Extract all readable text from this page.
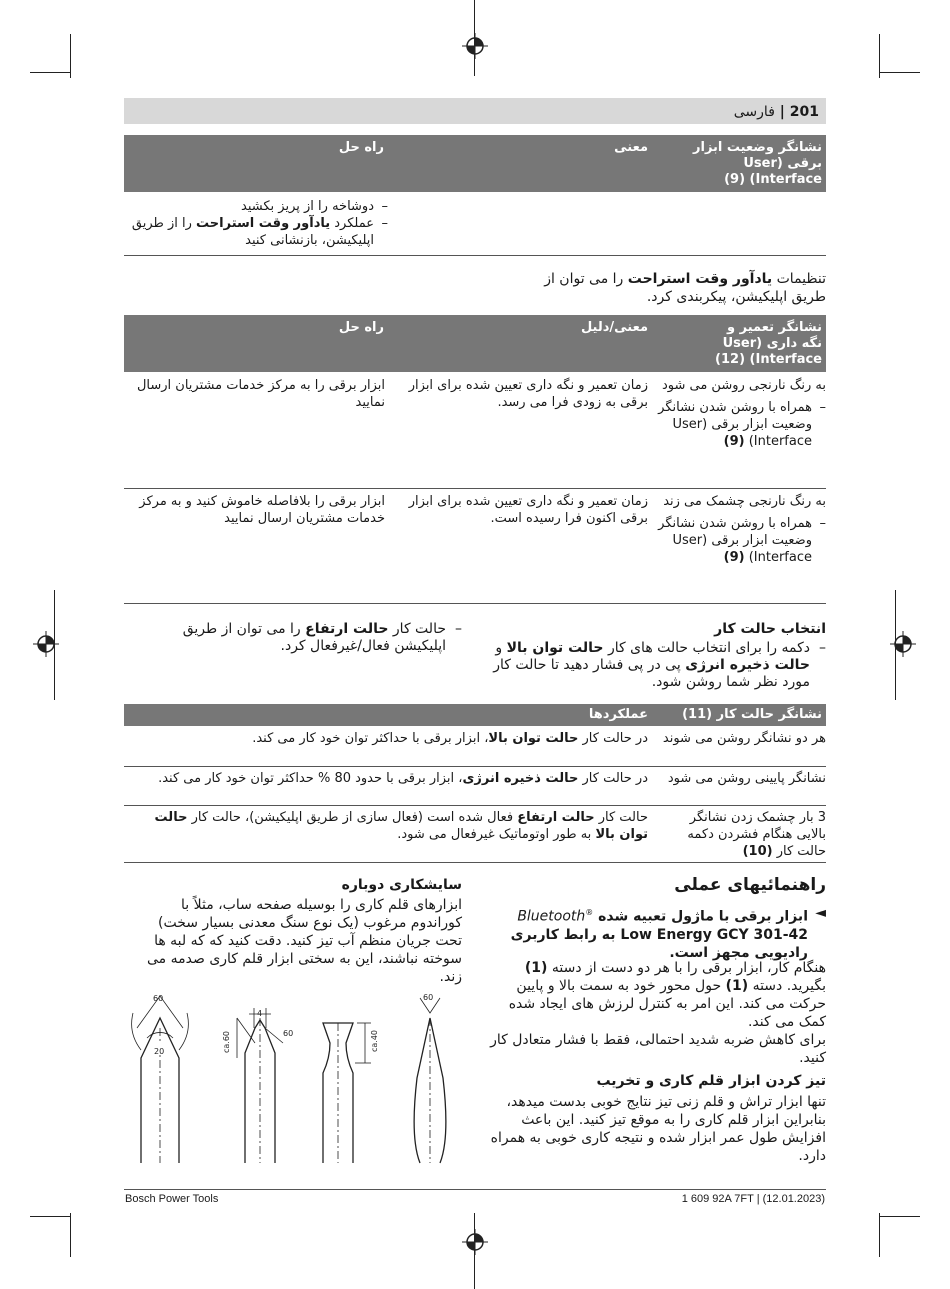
201 | فارسی
نشانگر وضعیت ابزار برقی (User Interface) (9)
معنی
راه حل
–
دوشاخه را از پریز بکشید
–
عملکرد یادآور وقت استراحت را از طریق اپلیکیشن، بازنشانی کنید
تنظیمات یادآور وقت استراحت را می توان از طریق اپلیکیشن، پیکربندی کرد.
نشانگر تعمیر و نگه داری (User Interface) (12)
معنی/دلیل
راه حل
به رنگ نارنجی روشن می شود
–
همراه با روشن شدن نشانگر وضعیت ابزار برقی (User Interface) (9)
زمان تعمیر و نگه داری تعیین شده برای ابزار برقی به زودی فرا می رسد.
ابزار برقی را به مرکز خدمات مشتریان ارسال نمایید
به رنگ نارنجی چشمک می زند
–
همراه با روشن شدن نشانگر وضعیت ابزار برقی (User Interface) (9)
زمان تعمیر و نگه داری تعیین شده برای ابزار برقی اکنون فرا رسیده است.
ابزار برقی را بلافاصله خاموش کنید و به مرکز خدمات مشتریان ارسال نمایید
انتخاب حالت کار
–
دکمه را برای انتخاب حالت های کار حالت توان بالا و حالت ذخیره انرژی پی در پی فشار دهید تا حالت کار مورد نظر شما روشن شود.
–
حالت کار حالت ارتفاع را می توان از طریق اپلیکیشن فعال/غیرفعال کرد.
نشانگر حالت کار (11)
عملکردها
هر دو نشانگر روشن می شوند
در حالت کار حالت توان بالا، ابزار برقی با حداکثر توان خود کار می کند.
نشانگر پایینی روشن می شود
در حالت کار حالت ذخیره انرژی، ابزار برقی با حدود 80 % حداکثر توان خود کار می کند.
3 بار چشمک زدن نشانگر بالایی هنگام فشردن دکمه حالت کار (10)
حالت کار حالت ارتفاع فعال شده است (فعال سازی از طریق اپلیکیشن)، حالت کار حالت توان بالا به طور اوتوماتیک غیرفعال می شود.
راهنمائیهای عملی
◄
ابزار برقی با ماژول تعبیه شده Bluetooth® Low Energy GCY 301-42 به رابط کاربری رادیویی مجهز است.
هنگام کار، ابزار برقی را با هر دو دست از دسته (1) بگیرید. دسته (1) حول محور خود به سمت بالا و پایین حرکت می کند. این امر به کنترل لرزش های ایجاد شده کمک می کند.
برای کاهش ضربه شدید احتمالی، فقط با فشار متعادل کار کنید.
تیز کردن ابزار قلم کاری و تخریب
تنها ابزار تراش و قلم زنی تیز نتایج خوبی بدست میدهد، بنابراین ابزار قلم کاری را به موقع تیز کنید. این باعث افزایش طول عمر ابزار شده و نتیجه کاری خوبی به همراه دارد.
سایشکاری دوباره
ابزارهای قلم کاری را بوسیله صفحه ساب، مثلاً با کوراندوم مرغوب (یک نوع سنگ معدنی بسیار سخت) تحت جریان منظم آب تیز کنید. دقت کنید که که لبه ها سوخته نباشند، این به سختی ابزار قلم کاری صدمه می زند.
60
20
4
60
ca.60	ca.40
60
Bosch Power Tools	1 609 92A 7FT | (12.01.2023)
